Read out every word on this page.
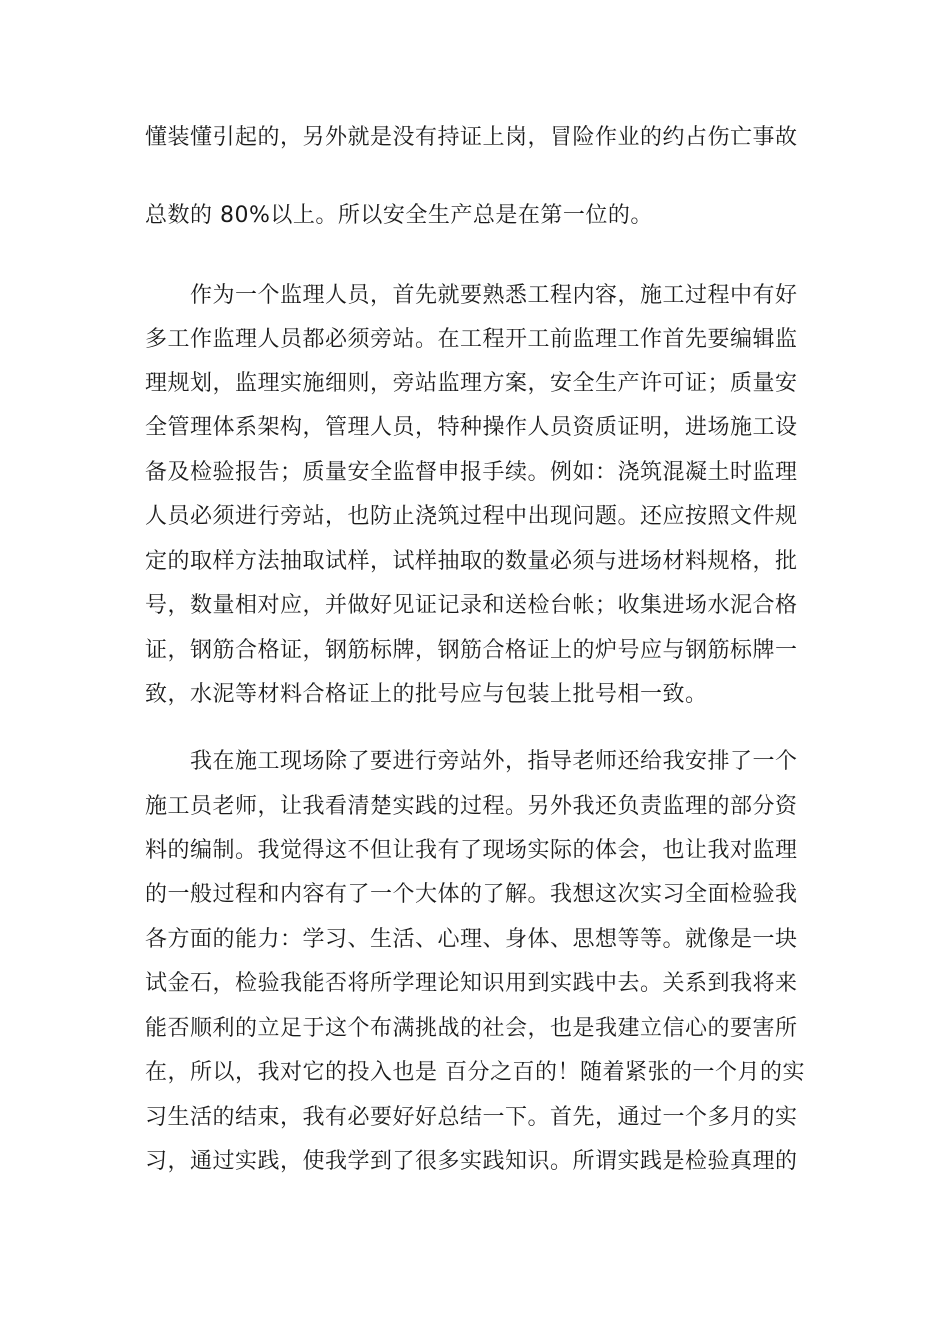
懂装懂引起的，另外就是没有持证上岗，冒险作业的约占伤亡事故
总数的 80%以上。所以安全生产总是在第一位的。
作为一个监理人员，首先就要熟悉工程内容，施工过程中有好
多工作监理人员都必须旁站。在工程开工前监理工作首先要编辑监
理规划，监理实施细则，旁站监理方案，安全生产许可证；质量安
全管理体系架构，管理人员，特种操作人员资质证明，进场施工设
备及检验报告；质量安全监督申报手续。例如：浇筑混凝土时监理
人员必须进行旁站，也防止浇筑过程中出现问题。还应按照文件规
定的取样方法抽取试样，试样抽取的数量必须与进场材料规格，批
号，数量相对应，并做好见证记录和送检台帐；收集进场水泥合格
证，钢筋合格证，钢筋标牌，钢筋合格证上的炉号应与钢筋标牌一
致，水泥等材料合格证上的批号应与包装上批号相一致。
我在施工现场除了要进行旁站外，指导老师还给我安排了一个
施工员老师，让我看清楚实践的过程。另外我还负责监理的部分资
料的编制。我觉得这不但让我有了现场实际的体会，也让我对监理
的一般过程和内容有了一个大体的了解。我想这次实习全面检验我
各方面的能力：学习、生活、心理、身体、思想等等。就像是一块
试金石，检验我能否将所学理论知识用到实践中去。关系到我将来
能否顺利的立足于这个布满挑战的社会，也是我建立信心的要害所
在，所以，我对它的投入也是 百分之百的！随着紧张的一个月的实
习生活的结束，我有必要好好总结一下。首先，通过一个多月的实
习，通过实践，使我学到了很多实践知识。所谓实践是检验真理的
